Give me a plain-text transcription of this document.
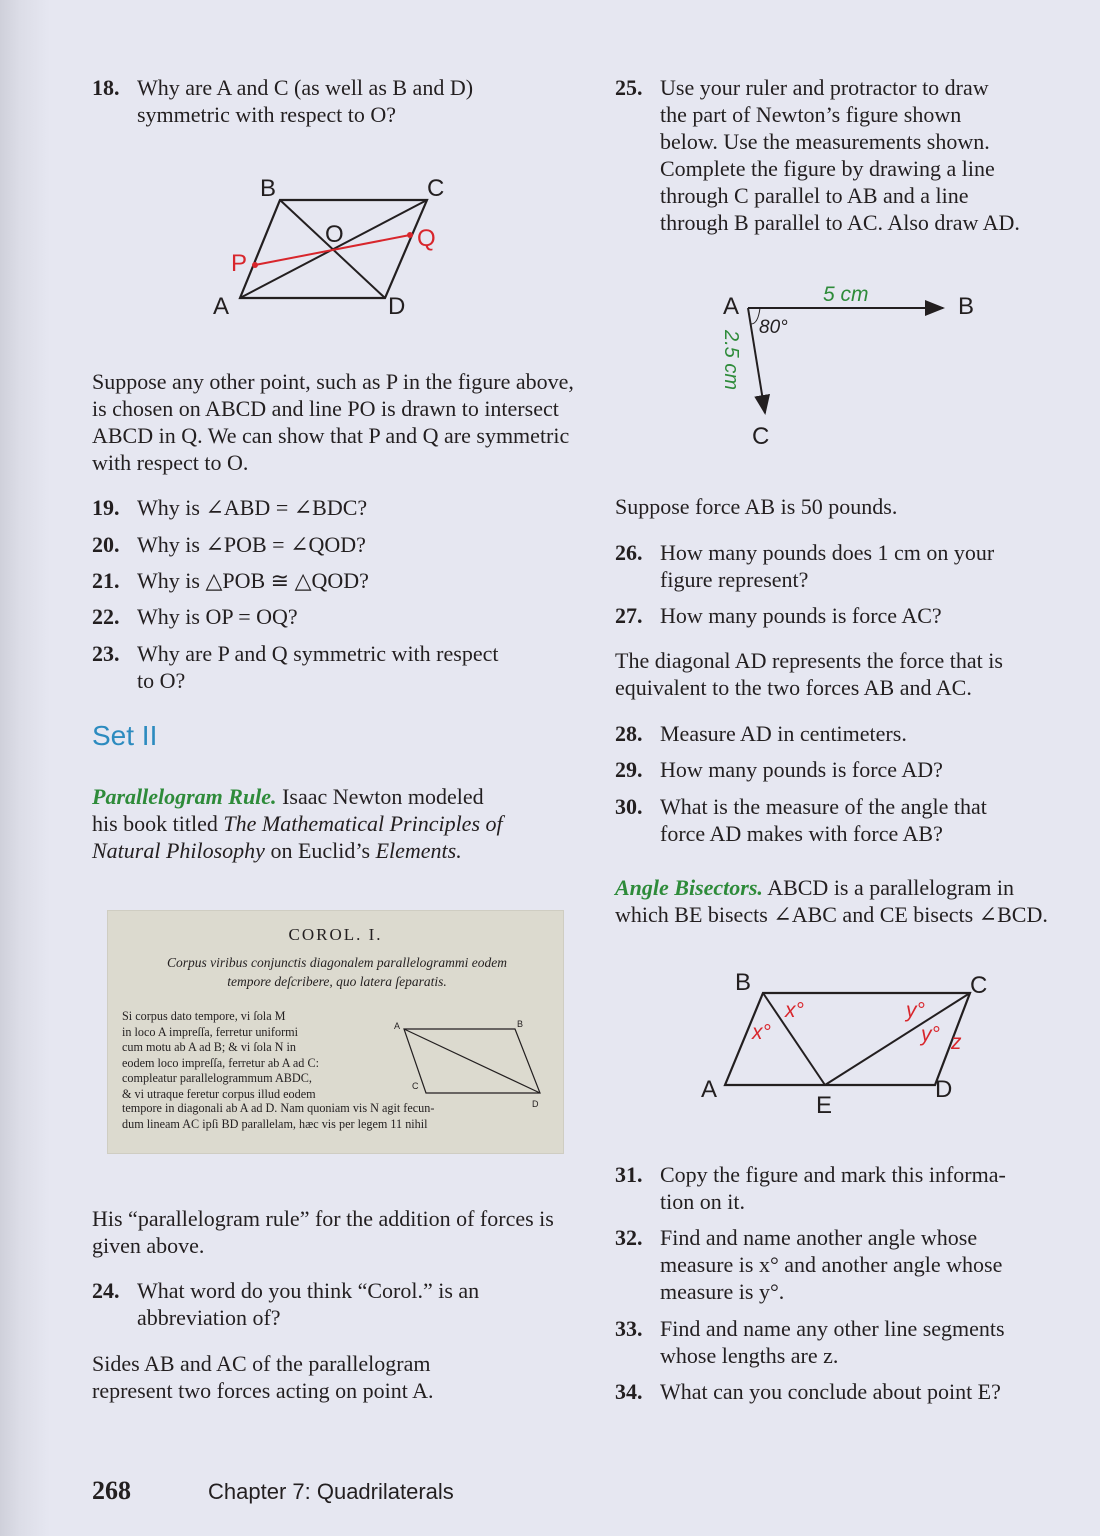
18. Why are A and C (as well as B and D) symmetric with respect to O?
B	C
O	Q
P
A	D

Suppose any other point, such as P in the figure above, is chosen on ABCD and line PO is drawn to intersect ABCD in Q. We can show that P and Q are symmetric with respect to O.

19. Why is ∠ABD = ∠BDC?
20. Why is ∠POB = ∠QOD?
21. Why is △POB ≅ △QOD?
22. Why is OP = OQ?
23. Why are P and Q symmetric with respect to O?
Set II
Parallelogram Rule. Isaac Newton modeled
his book titled The Mathematical Principles of
Natural Philosophy on Euclid’s Elements.
COROL. I.
Corpus viribus conjunctis diagonalem parallelogrammi eodem
tempore deſcribere, quo latera ſeparatis.
Si corpus dato tempore, vi ſola M
in loco A impreſſa, ferretur uniformi
cum motu ab A ad B; & vi ſola N in
eodem loco impreſſa, ferretur ab A ad C:
compleatur parallelogrammum ABDC,
& vi utraque feretur corpus illud eodem
A	B
C
D
tempore in diagonali ab A ad D. Nam quoniam vis N agit fecun-
dum lineam AC ipſi BD parallelam, hæc vis per legem 11 nihil

His “parallelogram rule” for the addition of forces is given above.

24. What word do you think “Corol.” is an
abbreviation of?
Sides AB and AC of the parallelogram
represent two forces acting on point A.
25. Use your ruler and protractor to draw
the part of Newton’s figure shown
below. Use the measurements shown.
Complete the figure by drawing a line
through C parallel to AB and a line
through B parallel to AC. Also draw AD.
A	B
C
5 cm
80°
2.5 cm

Suppose force AB is 50 pounds.

26. How many pounds does 1 cm on your
figure represent?
27. How many pounds is force AC?
The diagonal AD represents the force that is
equivalent to the two forces AB and AC.
28. Measure AD in centimeters.
29. How many pounds is force AD?
30. What is the measure of the angle that
force AD makes with force AB?
Angle Bisectors. ABCD is a parallelogram in
which BE bisects ∠ABC and CE bisects ∠BCD.
B	C
A	D
E
x°
x°
y°
y° z
31. Copy the figure and mark this informa-
tion on it.
32. Find and name another angle whose
measure is x° and another angle whose
measure is y°.
33. Find and name any other line segments
whose lengths are z.
34. What can you conclude about point E?
268	Chapter 7: Quadrilaterals
